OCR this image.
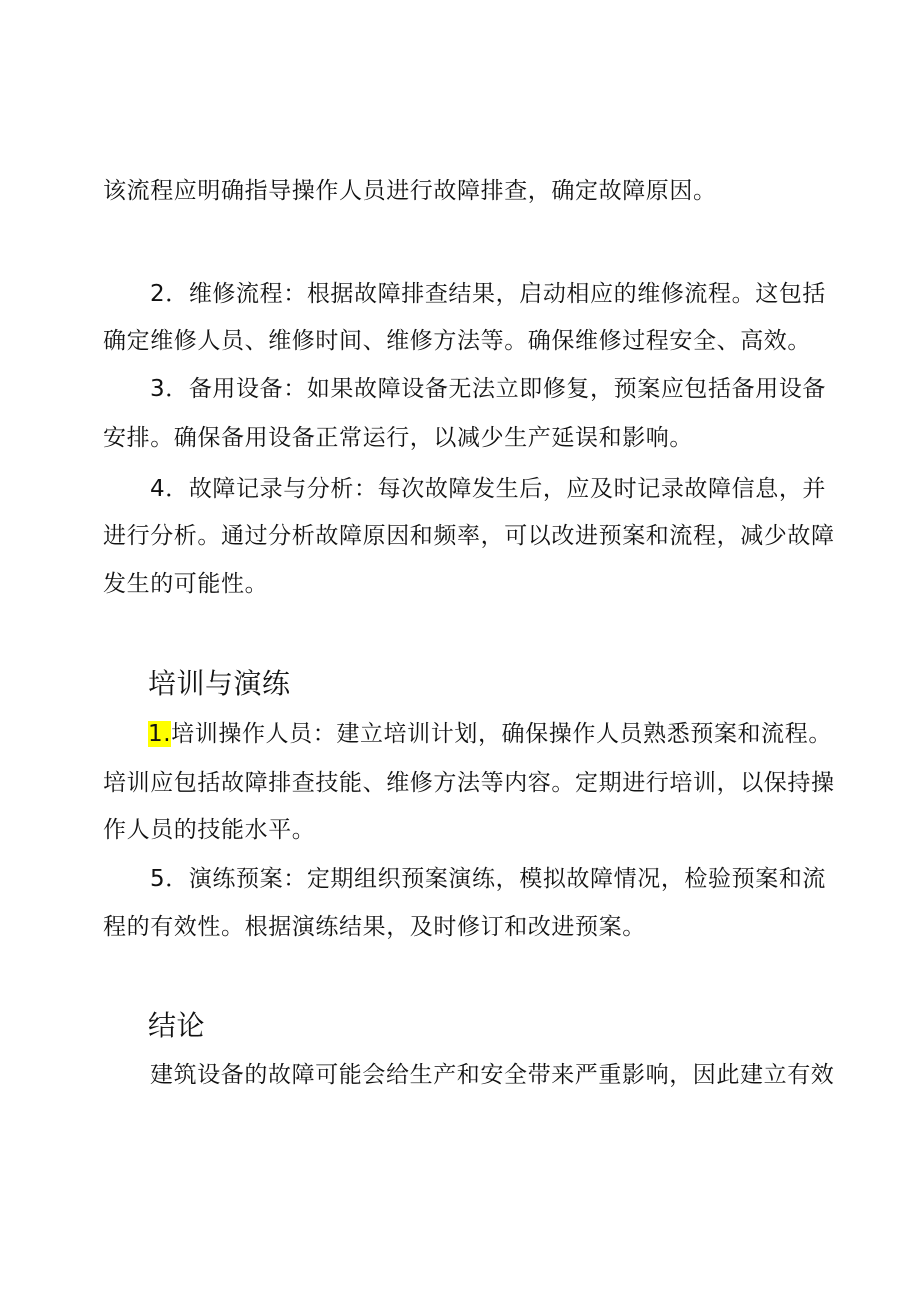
该流程应明确指导操作人员进行故障排查，确定故障原因。
2．维修流程：根据故障排查结果，启动相应的维修流程。这包括
确定维修人员、维修时间、维修方法等。确保维修过程安全、高效。
3．备用设备：如果故障设备无法立即修复，预案应包括备用设备
安排。确保备用设备正常运行，以减少生产延误和影响。
4．故障记录与分析：每次故障发生后，应及时记录故障信息，并
进行分析。通过分析故障原因和频率，可以改进预案和流程，减少故障
发生的可能性。
培训与演练
1.培训操作人员：建立培训计划，确保操作人员熟悉预案和流程。
培训应包括故障排查技能、维修方法等内容。定期进行培训，以保持操
作人员的技能水平。
5．演练预案：定期组织预案演练，模拟故障情况，检验预案和流
程的有效性。根据演练结果，及时修订和改进预案。
结论
建筑设备的故障可能会给生产和安全带来严重影响，因此建立有效
